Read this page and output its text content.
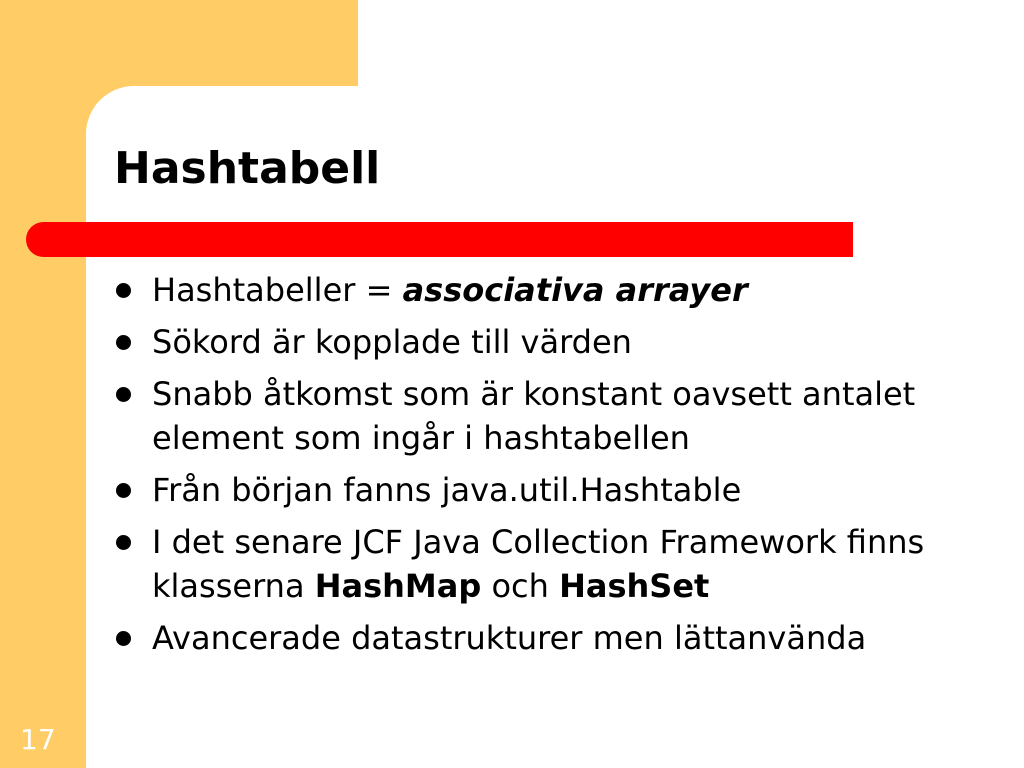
Hashtabell
Hashtabeller = associativa arrayer
Sökord är kopplade till värden
Snabb åtkomst som är konstant oavsett antalet element som ingår i hashtabellen
Från början fanns java.util.Hashtable
I det senare JCF Java Collection Framework finns klasserna HashMap och HashSet
Avancerade datastrukturer men lättanvända
17
